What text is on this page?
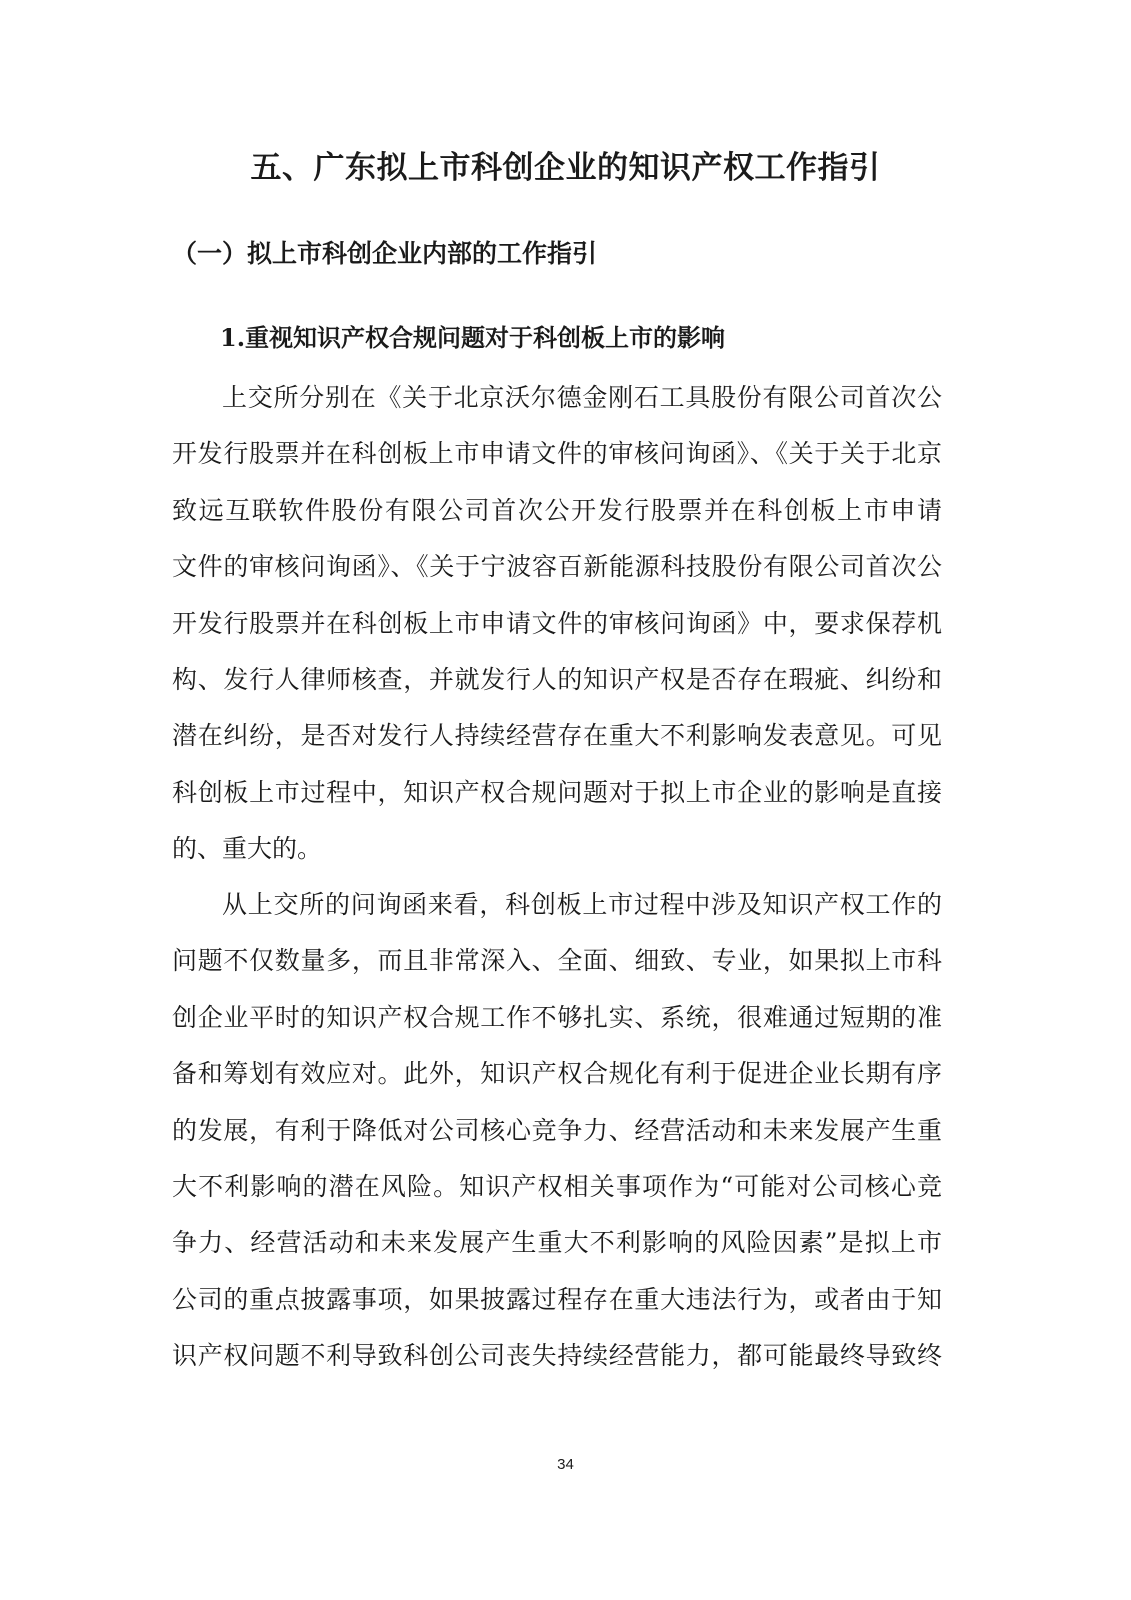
五、广东拟上市科创企业的知识产权工作指引
（一）拟上市科创企业内部的工作指引
1.重视知识产权合规问题对于科创板上市的影响
上交所分别在《关于北京沃尔德金刚石工具股份有限公司首次公
开发行股票并在科创板上市申请文件的审核问询函》、《关于关于北京
致远互联软件股份有限公司首次公开发行股票并在科创板上市申请
文件的审核问询函》、《关于宁波容百新能源科技股份有限公司首次公
开发行股票并在科创板上市申请文件的审核问询函》中，要求保荐机
构、发行人律师核查，并就发行人的知识产权是否存在瑕疵、纠纷和
潜在纠纷，是否对发行人持续经营存在重大不利影响发表意见。可见
科创板上市过程中，知识产权合规问题对于拟上市企业的影响是直接
的、重大的。
从上交所的问询函来看，科创板上市过程中涉及知识产权工作的
问题不仅数量多，而且非常深入、全面、细致、专业，如果拟上市科
创企业平时的知识产权合规工作不够扎实、系统，很难通过短期的准
备和筹划有效应对。此外，知识产权合规化有利于促进企业长期有序
的发展，有利于降低对公司核心竞争力、经营活动和未来发展产生重
大不利影响的潜在风险。知识产权相关事项作为“可能对公司核心竞
争力、经营活动和未来发展产生重大不利影响的风险因素”是拟上市
公司的重点披露事项，如果披露过程存在重大违法行为，或者由于知
识产权问题不利导致科创公司丧失持续经营能力，都可能最终导致终
34
